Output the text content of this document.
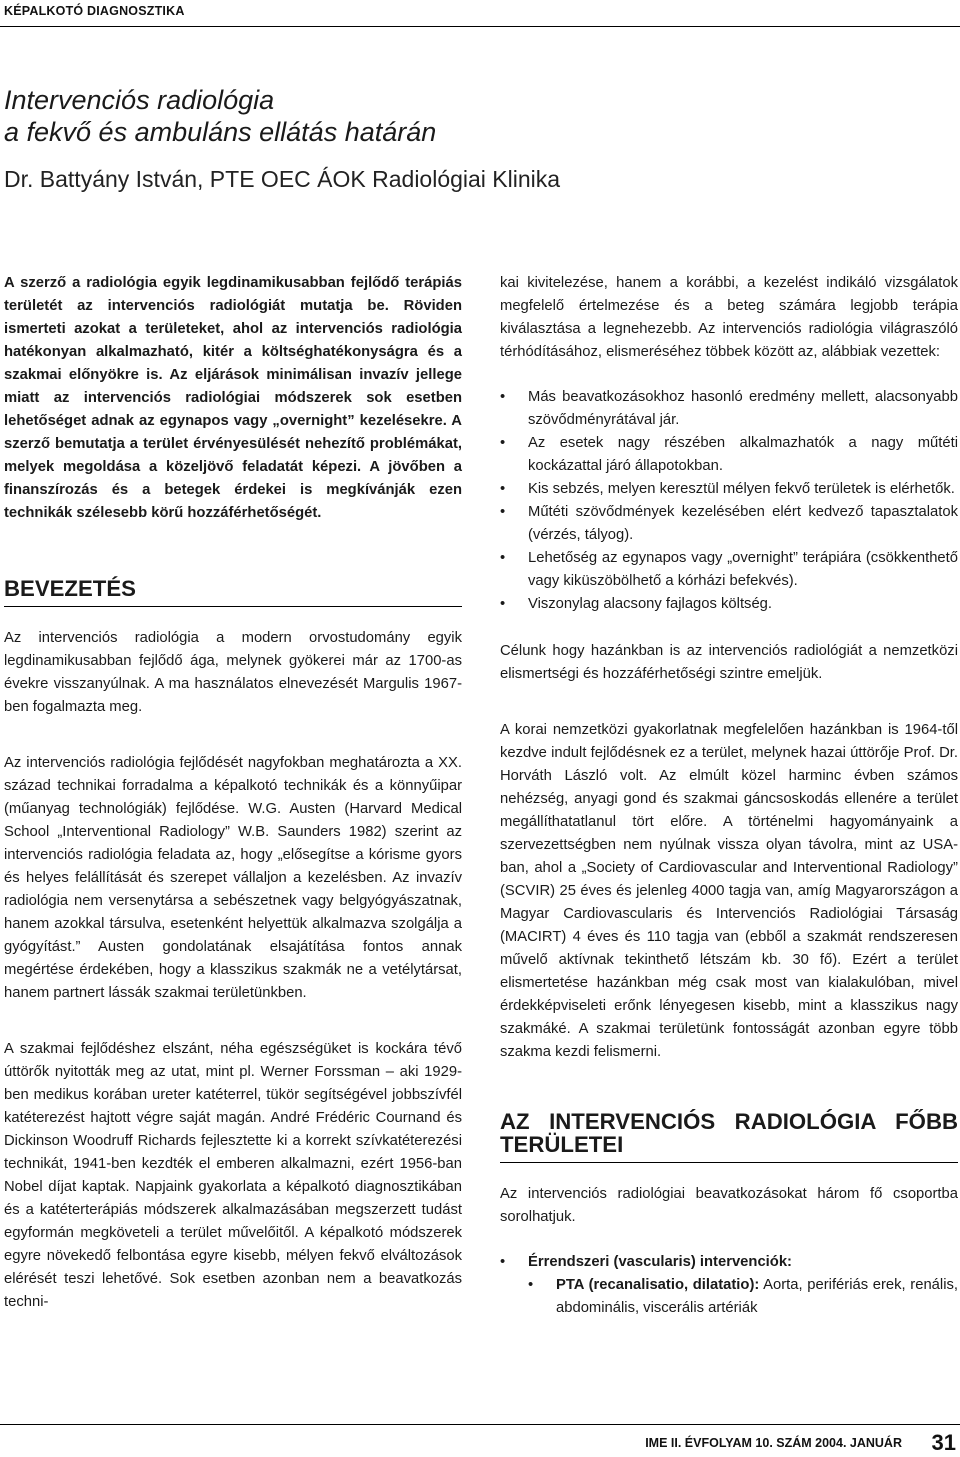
KÉPALKOTÓ DIAGNOSZTIKA
Intervenciós radiológia
a fekvő és ambuláns ellátás határán
Dr. Battyány István, PTE OEC ÁOK Radiológiai Klinika

A szerző a radiológia egyik legdinamikusabban fejlődő terápiás területét az intervenciós radiológiát mutatja be. Röviden ismerteti azokat a területeket, ahol az intervenciós radiológia hatékonyan alkalmazható, kitér a költséghatékonyságra és a szakmai előnyökre is. Az eljárások minimálisan invazív jellege miatt az intervenciós radiológiai módszerek sok esetben lehetőséget adnak az egynapos vagy „overnight” kezelésekre. A szerző bemutatja a terület érvényesülését nehezítő problémákat, melyek megoldása a közeljövő feladatát képezi. A jövőben a finanszírozás és a betegek érdekei is megkívánják ezen technikák szélesebb körű hozzáférhetőségét.

BEVEZETÉS

Az intervenciós radiológia a modern orvostudomány egyik legdinamikusabban fejlődő ága, melynek gyökerei már az 1700-as évekre visszanyúlnak. A ma használatos elnevezését Margulis 1967-ben fogalmazta meg.

Az intervenciós radiológia fejlődését nagyfokban meghatározta a XX. század technikai forradalma a képalkotó technikák és a könnyűipar (műanyag technológiák) fejlődése. W.G. Austen (Harvard Medical School „Interventional Radiology” W.B. Saunders 1982) szerint az intervenciós radiológia feladata az, hogy „elősegítse a kórisme gyors és helyes felállítását és szerepet vállaljon a kezelésben. Az invazív radiológia nem versenytársa a sebészetnek vagy belgyógyászatnak, hanem azokkal társulva, esetenként helyettük alkalmazva szolgálja a gyógyítást.” Austen gondolatának elsajátítása fontos annak megértése érdekében, hogy a klasszikus szakmák ne a vetélytársat, hanem partnert lássák szakmai területünkben.

A szakmai fejlődéshez elszánt, néha egészségüket is kockára tévő úttörők nyitották meg az utat, mint pl. Werner Forssman – aki 1929-ben medikus korában ureter katéterrel, tükör segítségével jobbszívfél katéterezést hajtott végre saját magán. André Frédéric Cournand és Dickinson Woodruff Richards fejlesztette ki a korrekt szívkatéterezési technikát, 1941-ben kezdték el emberen alkalmazni, ezért 1956-ban Nobel díjat kaptak. Napjaink gyakorlata a képalkotó diagnosztikában és a katéterterápiás módszerek alkalmazásában megszerzett tudást egyformán megköveteli a terület művelőitől. A képalkotó módszerek egyre növekedő felbontása egyre kisebb, mélyen fekvő elváltozások elérését teszi lehetővé. Sok esetben azonban nem a beavatkozás techni-

kai kivitelezése, hanem a korábbi, a kezelést indikáló vizsgálatok megfelelő értelmezése és a beteg számára legjobb terápia kiválasztása a legnehezebb. Az intervenciós radiológia világraszóló térhódításához, elismeréséhez többek között az, alábbiak vezettek:

• Más beavatkozásokhoz hasonló eredmény mellett, alacsonyabb szövődményrátával jár.
• Az esetek nagy részében alkalmazhatók a nagy műtéti kockázattal járó állapotokban.
• Kis sebzés, melyen keresztül mélyen fekvő területek is elérhetők.
• Műtéti szövődmények kezelésében elért kedvező tapasztalatok (vérzés, tályog).
• Lehetőség az egynapos vagy „overnight” terápiára (csökkenthető vagy kiküszöbölhető a kórházi befekvés).
• Viszonylag alacsony fajlagos költség.

Célunk hogy hazánkban is az intervenciós radiológiát a nemzetközi elismertségi és hozzáférhetőségi szintre emeljük.

A korai nemzetközi gyakorlatnak megfelelően hazánkban is 1964-től kezdve indult fejlődésnek ez a terület, melynek hazai úttörője Prof. Dr. Horváth László volt. Az elmúlt közel harminc évben számos nehézség, anyagi gond és szakmai gáncsoskodás ellenére a terület megállíthatatlanul tört előre. A történelmi hagyományaink a szervezettségben nem nyúlnak vissza olyan távolra, mint az USA-ban, ahol a „Society of Cardiovascular and Interventional Radiology” (SCVIR) 25 éves és jelenleg 4000 tagja van, amíg Magyarországon a Magyar Cardiovascularis és Intervenciós Radiológiai Társaság (MACIRT) 4 éves és 110 tagja van (ebből a szakmát rendszeresen művelő aktívnak tekinthető létszám kb. 30 fő). Ezért a terület elismertetése hazánkban még csak most van kialakulóban, mivel érdekképviseleti erőnk lényegesen kisebb, mint a klasszikus nagy szakmáké. A szakmai területünk fontosságát azonban egyre több szakma kezdi felismerni.

AZ INTERVENCIÓS RADIOLÓGIA FŐBB TERÜLETEI

Az intervenciós radiológiai beavatkozásokat három fő csoportba sorolhatjuk.

• Érrendszeri (vascularis) intervenciók:
• PTA (recanalisatio, dilatatio): Aorta, perifériás erek, renális, abdominális, viscerális artériák
IME II. ÉVFOLYAM 10. SZÁM 2004. JANUÁR 31
